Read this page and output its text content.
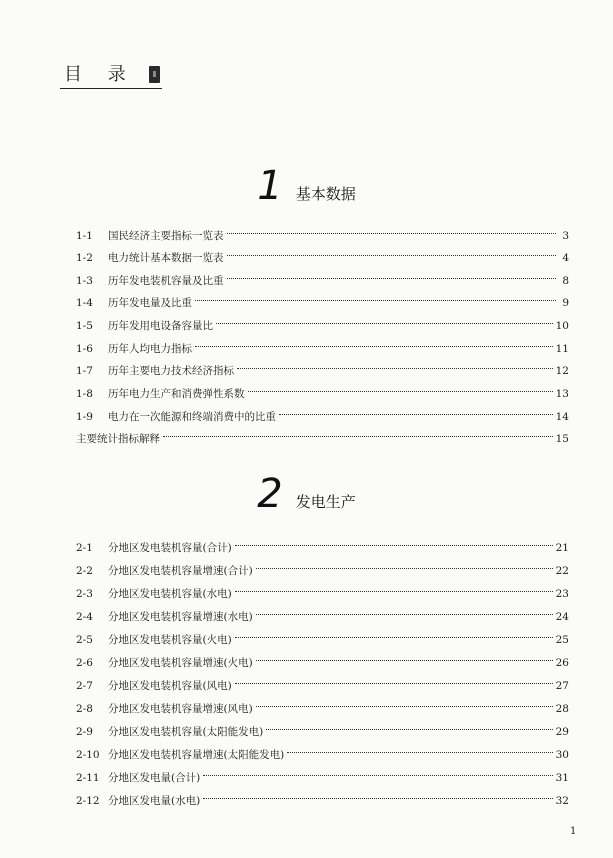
目 录
1 基本数据
1-1	国民经济主要指标一览表	3
1-2	电力统计基本数据一览表	4
1-3	历年发电装机容量及比重	8
1-4	历年发电量及比重	9
1-5	历年发用电设备容量比	10
1-6	历年人均电力指标	11
1-7	历年主要电力技术经济指标	12
1-8	历年电力生产和消费弹性系数	13
1-9	电力在一次能源和终端消费中的比重	14
主要统计指标解释	15
2 发电生产
2-1	分地区发电装机容量(合计)	21
2-2	分地区发电装机容量增速(合计)	22
2-3	分地区发电装机容量(水电)	23
2-4	分地区发电装机容量增速(水电)	24
2-5	分地区发电装机容量(火电)	25
2-6	分地区发电装机容量增速(火电)	26
2-7	分地区发电装机容量(风电)	27
2-8	分地区发电装机容量增速(风电)	28
2-9	分地区发电装机容量(太阳能发电)	29
2-10 分地区发电装机容量增速(太阳能发电)	30
2-11 分地区发电量(合计)	31
2-12 分地区发电量(水电)	32
1
